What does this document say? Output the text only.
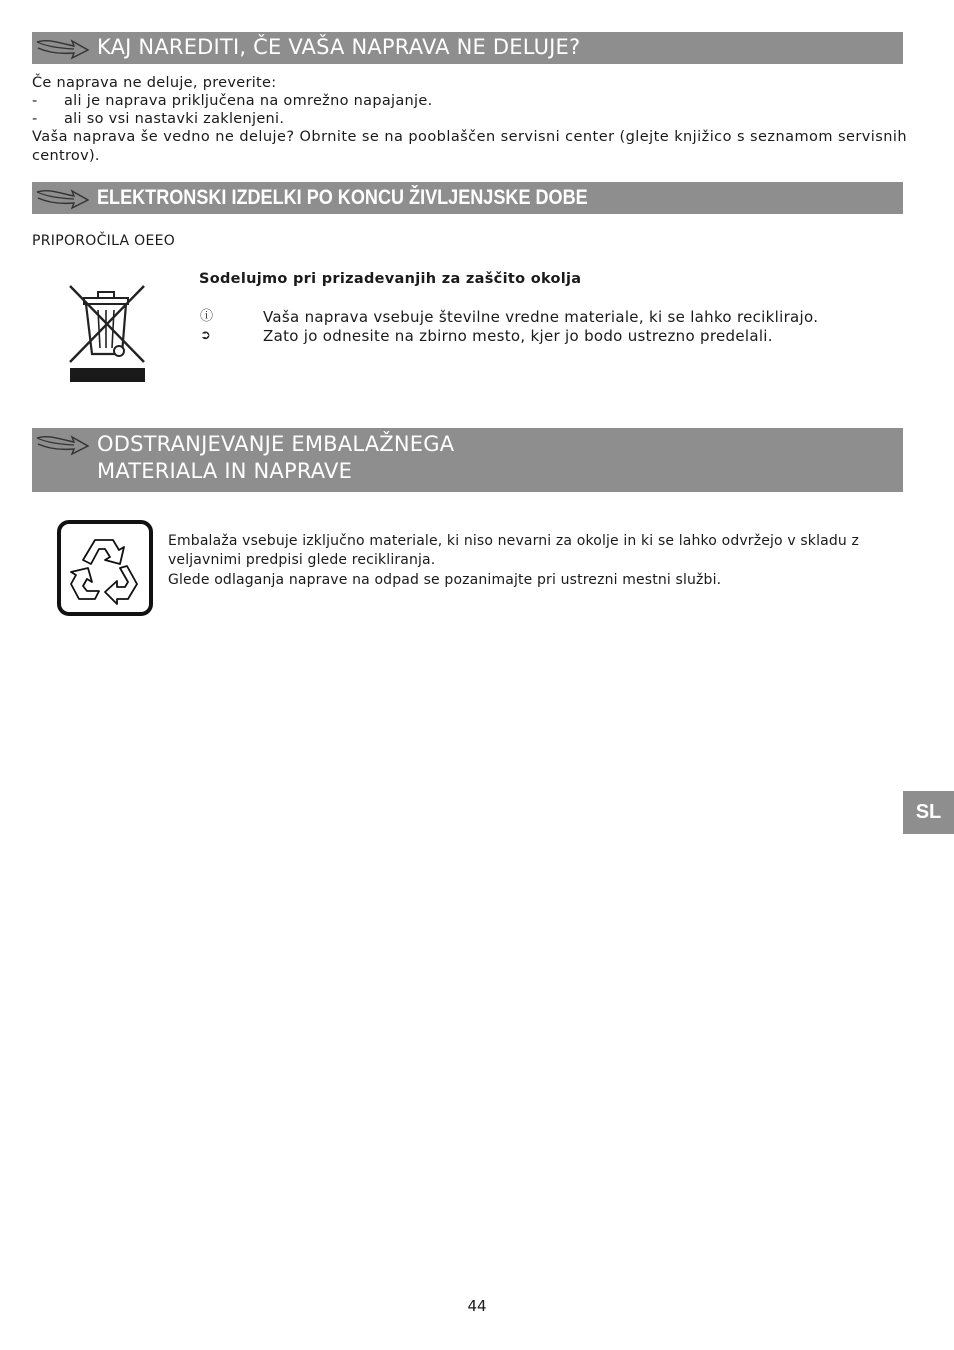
KAJ NAREDITI, ČE VAŠA NAPRAVA NE DELUJE?
Če naprava ne deluje, preverite:
- ali je naprava priključena na omrežno napajanje.
- ali so vsi nastavki zaklenjeni.
Vaša naprava še vedno ne deluje? Obrnite se na pooblaščen servisni center (glejte knjižico s seznamom servisnih
centrov).
ELEKTRONSKI IZDELKI PO KONCU ŽIVLJENJSKE DOBE
PRIPOROČILA OEEO
Sodelujmo pri prizadevanjih za zaščito okolja
ⓘ	Vaša naprava vsebuje številne vredne materiale, ki se lahko reciklirajo.
➲	Zato jo odnesite na zbirno mesto, kjer jo bodo ustrezno predelali.
ODSTRANJEVANJE EMBALAŽNEGA
MATERIALA IN NAPRAVE
Embalaža vsebuje izključno materiale, ki niso nevarni za okolje in ki se lahko odvržejo v skladu z
veljavnimi predpisi glede recikliranja.
Glede odlaganja naprave na odpad se pozanimajte pri ustrezni mestni službi.
SL
44
